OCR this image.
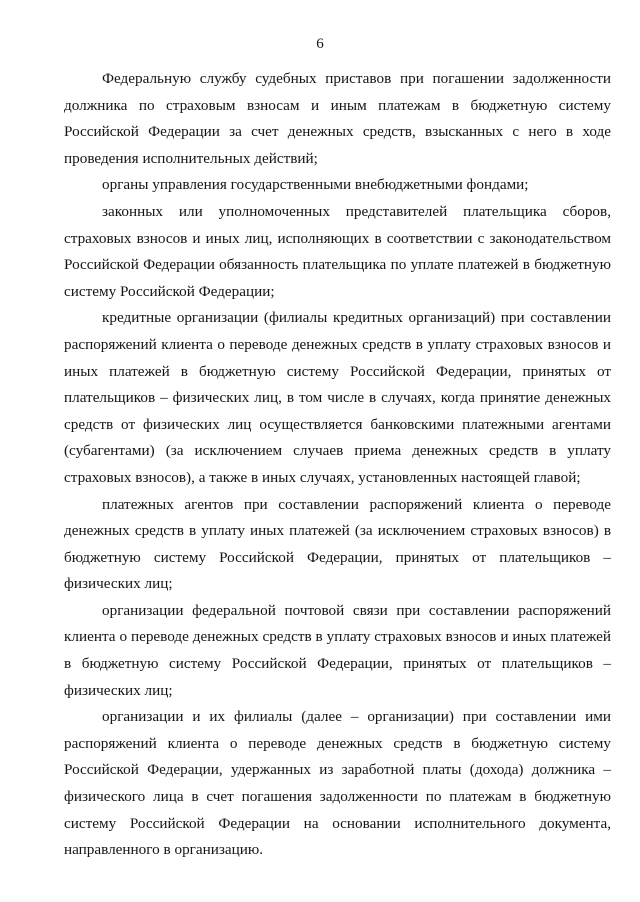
6

Федеральную службу судебных приставов при погашении задолженности должника по страховым взносам и иным платежам в бюджетную систему Российской Федерации за счет денежных средств, взысканных с него в ходе проведения исполнительных действий;

органы управления государственными внебюджетными фондами;

законных или уполномоченных представителей плательщика сборов, страховых взносов и иных лиц, исполняющих в соответствии с законодательством Российской Федерации обязанность плательщика по уплате платежей в бюджетную систему Российской Федерации;

кредитные организации (филиалы кредитных организаций) при составлении распоряжений клиента о переводе денежных средств в уплату страховых взносов и иных платежей в бюджетную систему Российской Федерации, принятых от плательщиков – физических лиц, в том числе в случаях, когда принятие денежных средств от физических лиц осуществляется банковскими платежными агентами (субагентами) (за исключением случаев приема денежных средств в уплату страховых взносов), а также в иных случаях, установленных настоящей главой;

платежных агентов при составлении распоряжений клиента о переводе денежных средств в уплату иных платежей (за исключением страховых взносов) в бюджетную систему Российской Федерации, принятых от плательщиков – физических лиц;

организации федеральной почтовой связи при составлении распоряжений клиента о переводе денежных средств в уплату страховых взносов и иных платежей в бюджетную систему Российской Федерации, принятых от плательщиков – физических лиц;

организации и их филиалы (далее – организации) при составлении ими распоряжений клиента о переводе денежных средств в бюджетную систему Российской Федерации, удержанных из заработной платы (дохода) должника – физического лица в счет погашения задолженности по платежам в бюджетную систему Российской Федерации на основании исполнительного документа, направленного в организацию.
